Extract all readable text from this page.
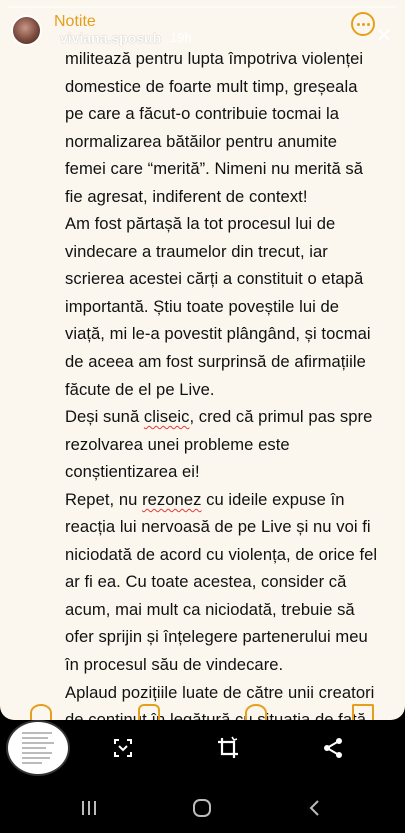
Notite
viviana.sposub 19h	✕
militează pentru lupta împotriva violenței
domestice de foarte mult timp, greșeala
pe care a făcut-o contribuie tocmai la
normalizarea bătăilor pentru anumite
femei care “merită”. Nimeni nu merită să
fie agresat, indiferent de context!
Am fost părtașă la tot procesul lui de
vindecare a traumelor din trecut, iar
scrierea acestei cărți a constituit o etapă
importantă. Știu toate poveștile lui de
viață, mi le-a povestit plângând, și tocmai
de aceea am fost surprinsă de afirmațiile
făcute de el pe Live.
Deși sună cliseic, cred că primul pas spre
rezolvarea unei probleme este
conștientizarea ei!
Repet, nu rezonez cu ideile expuse în
reacția lui nervoasă de pe Live și nu voi fi
niciodată de acord cu violența, de orice fel
ar fi ea. Cu toate acestea, consider că
acum, mai mult ca niciodată, trebuie să
ofer sprijin și înțelegere partenerului meu
în procesul său de vindecare.
Aplaud pozițiile luate de către unii creatori
